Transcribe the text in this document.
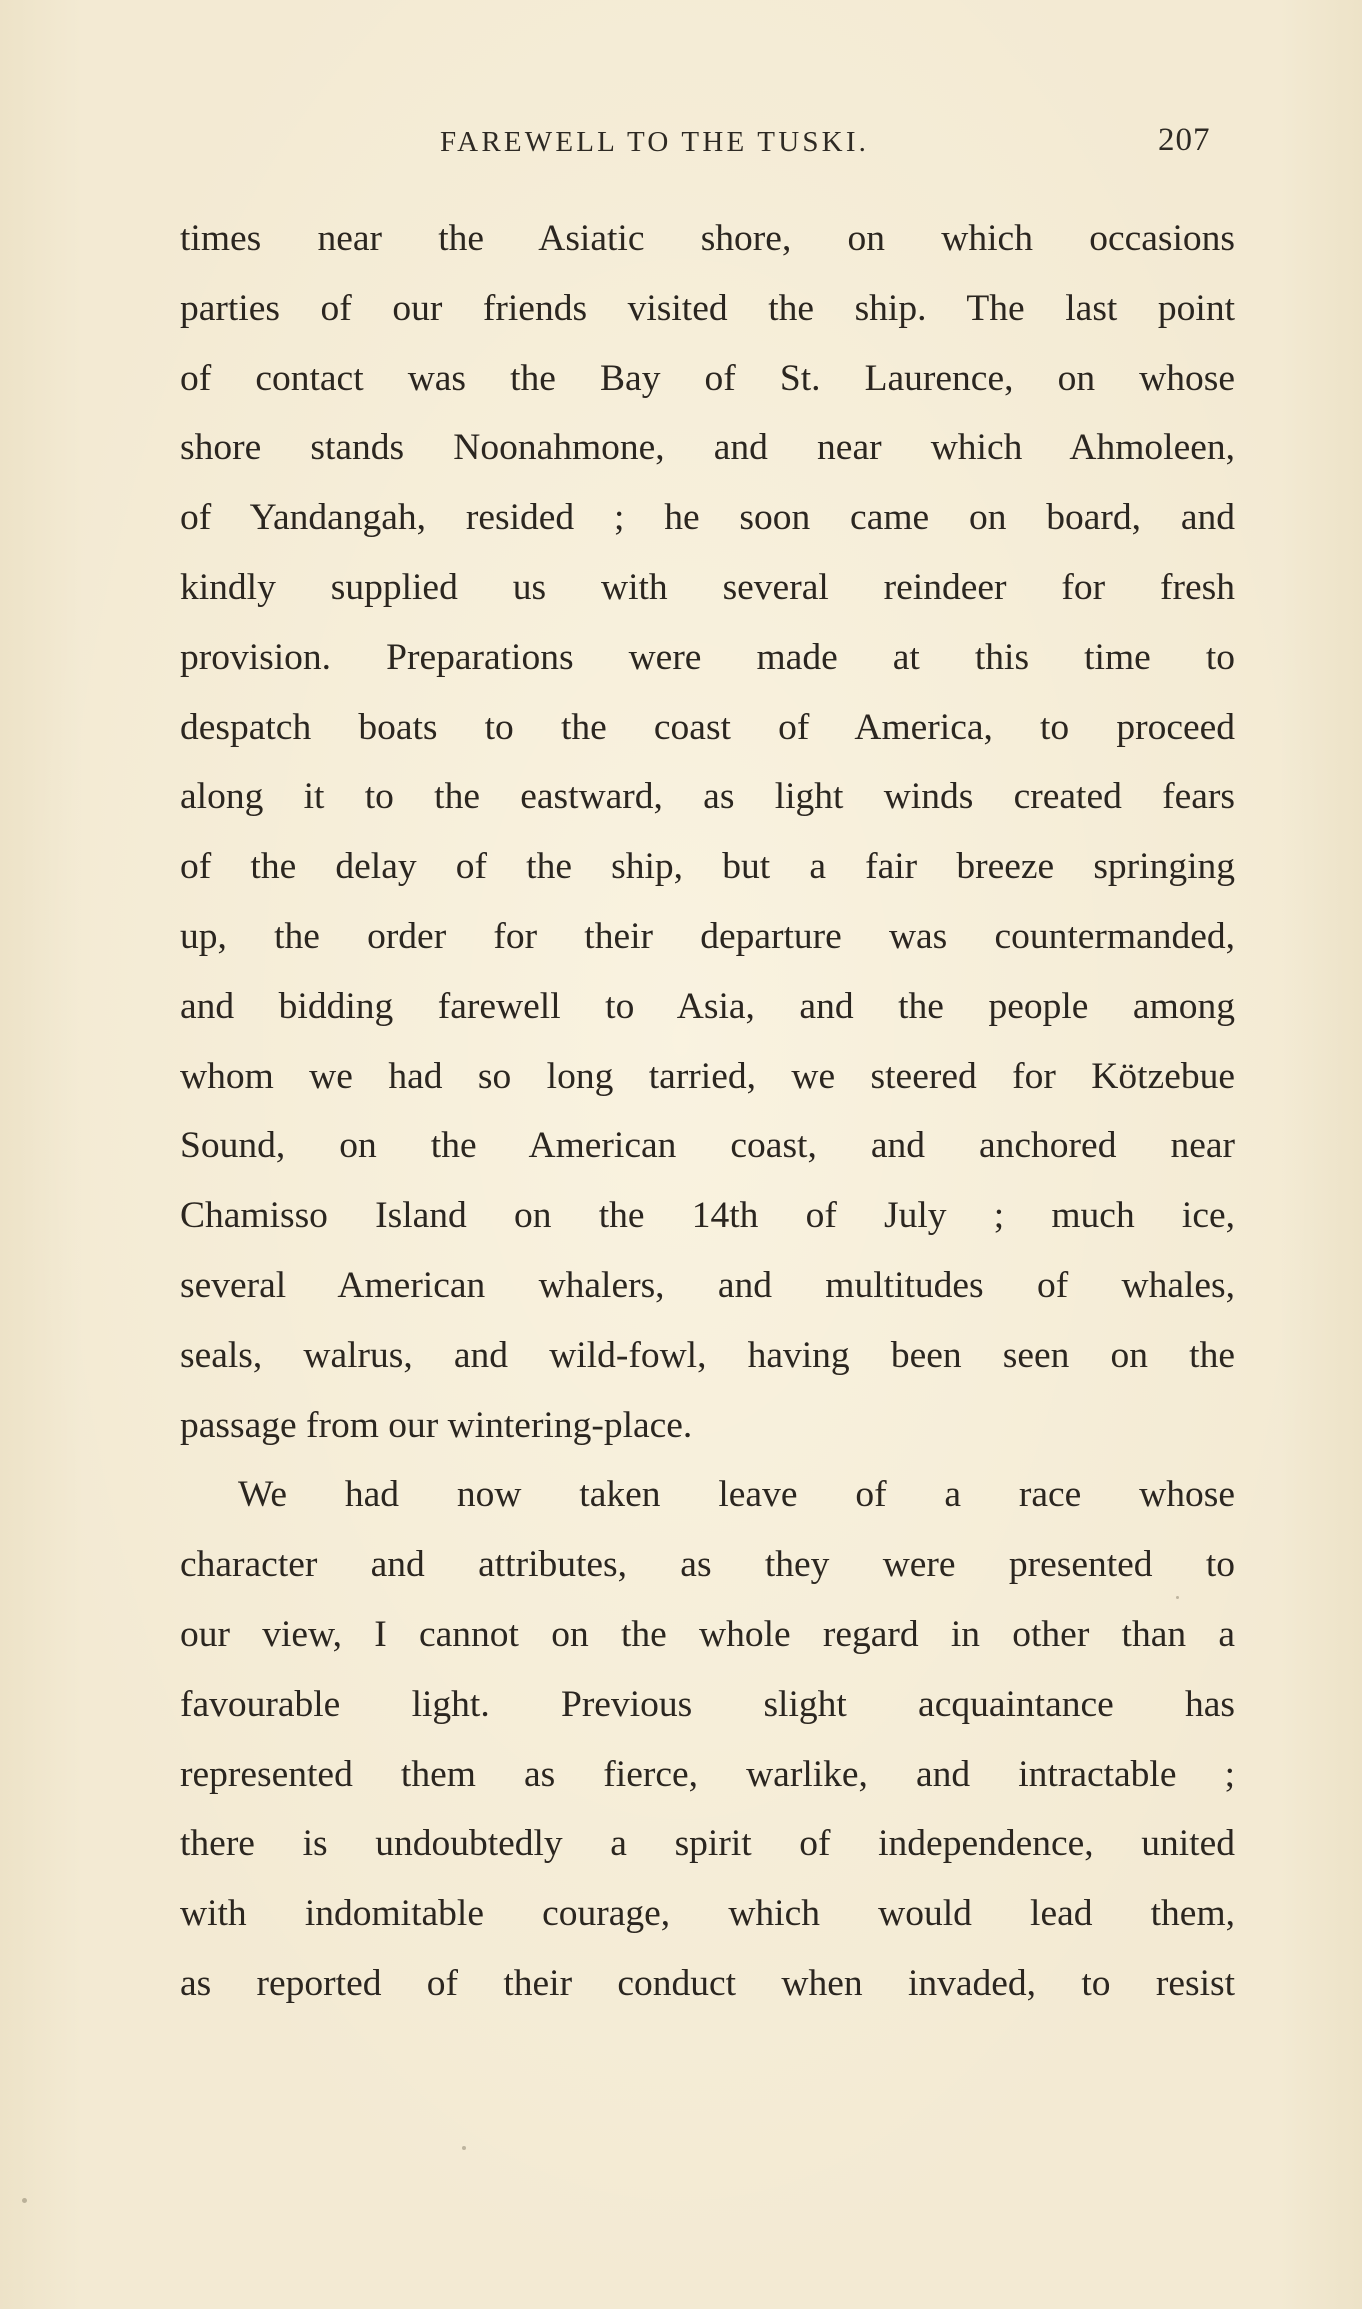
FAREWELL TO THE TUSKI.	207
times near the Asiatic shore, on which occasions
parties of our friends visited the ship. The last point
of contact was the Bay of St. Laurence, on whose
shore stands Noonahmone, and near which Ahmoleen,
of Yandangah, resided ; he soon came on board, and
kindly supplied us with several reindeer for fresh
provision. Preparations were made at this time to
despatch boats to the coast of America, to proceed
along it to the eastward, as light winds created fears
of the delay of the ship, but a fair breeze springing
up, the order for their departure was countermanded,
and bidding farewell to Asia, and the people among
whom we had so long tarried, we steered for Kötzebue
Sound, on the American coast, and anchored near
Chamisso Island on the 14th of July ; much ice,
several American whalers, and multitudes of whales,
seals, walrus, and wild-fowl, having been seen on the
passage from our wintering-place.
We had now taken leave of a race whose
character and attributes, as they were presented to
our view, I cannot on the whole regard in other than a
favourable light. Previous slight acquaintance has
represented them as fierce, warlike, and intractable ;
there is undoubtedly a spirit of independence, united
with indomitable courage, which would lead them,
as reported of their conduct when invaded, to resist
